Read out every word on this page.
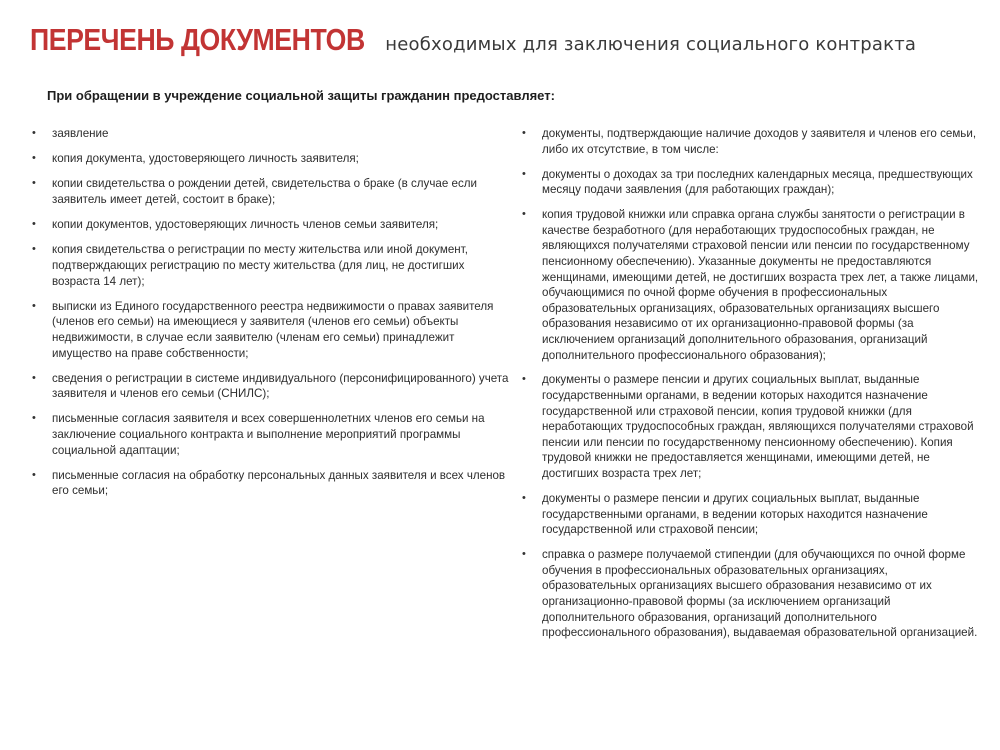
ПЕРЕЧЕНЬ ДОКУМЕНТОВ необходимых для заключения социального контракта
При обращении в учреждение социальной защиты гражданин предоставляет:
•	заявление
•	копия документа, удостоверяющего личность заявителя;
•	копии свидетельства о рождении детей, свидетельства о браке (в случае если заявитель имеет детей, состоит в браке);
•	копии документов, удостоверяющих личность членов семьи заявителя;
•	копия свидетельства о регистрации по месту жительства или иной документ, подтверждающих регистрацию по месту жительства (для лиц, не достигших возраста 14 лет);
•	выписки из Единого государственного реестра недвижимости о правах заявителя (членов его семьи) на имеющиеся у заявителя (членов его семьи) объекты недвижимости, в случае если заявителю (членам его семьи) принадлежит имущество на праве собственности;
•	сведения о регистрации в системе индивидуального (персонифицированного) учета заявителя и членов его семьи (СНИЛС);
•	письменные согласия заявителя и всех совершеннолетних членов его семьи на заключение социального контракта и выполнение мероприятий программы социальной адаптации;
•	письменные согласия на обработку персональных данных заявителя и всех членов его семьи;
•	документы, подтверждающие наличие доходов у заявителя и членов его семьи, либо их отсутствие, в том числе:
•	документы о доходах за три последних календарных месяца, предшествующих месяцу подачи заявления (для работающих граждан);
•	копия трудовой книжки или справка органа службы занятости о регистрации в качестве безработного (для неработающих трудоспособных граждан, не являющихся получателями страховой пенсии или пенсии по государственному пенсионному обеспечению). Указанные документы не предоставляются женщинами, имеющими детей, не достигших возраста трех лет, а также лицами, обучающимися по очной форме обучения в профессиональных образовательных организациях, образовательных организациях высшего образования независимо от их организационно-правовой формы (за исключением организаций дополнительного образования, организаций дополнительного профессионального образования);
•	документы о размере пенсии и других социальных выплат, выданные государственными органами, в ведении которых находится назначение государственной или страховой пенсии, копия трудовой книжки (для неработающих трудоспособных граждан, являющихся получателями страховой пенсии или пенсии по государственному пенсионному обеспечению). Копия трудовой книжки не предоставляется женщинами, имеющими детей, не достигших возраста трех лет;
•	документы о размере пенсии и других социальных выплат, выданные государственными органами, в ведении которых находится назначение государственной или страховой пенсии;
•	справка о размере получаемой стипендии (для обучающихся по очной форме обучения в профессиональных образовательных организациях, образовательных организациях высшего образования независимо от их организационно-правовой формы (за исключением организаций дополнительного образования, организаций дополнительного профессионального образования), выдаваемая образовательной организацией.
